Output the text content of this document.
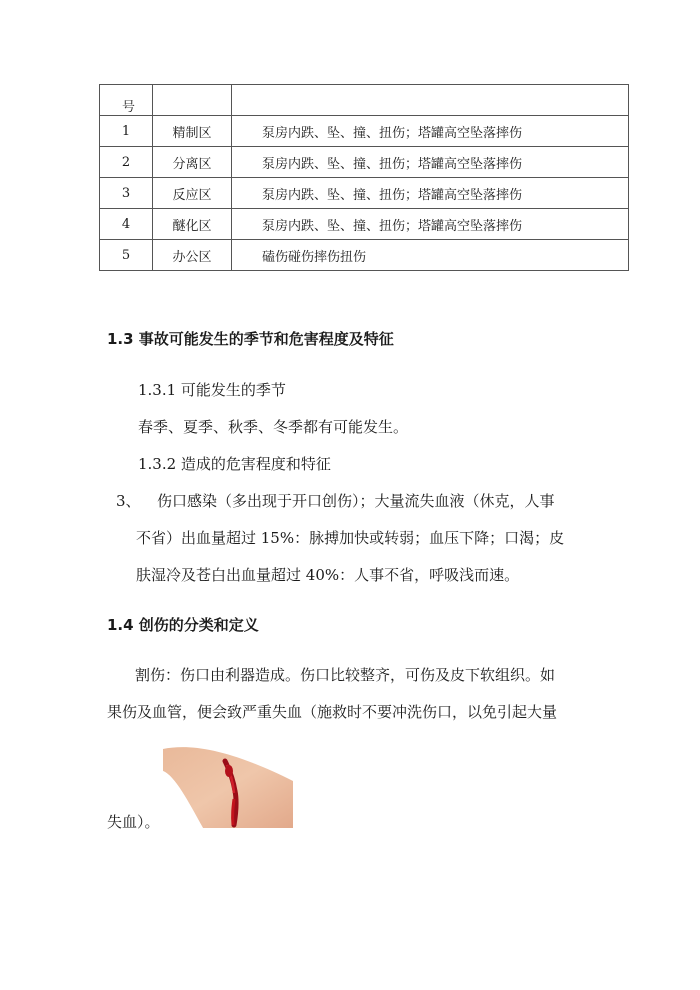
号		
1	精制区	泵房内跌、坠、撞、扭伤；塔罐高空坠落摔伤
2	分离区	泵房内跌、坠、撞、扭伤；塔罐高空坠落摔伤
3	反应区	泵房内跌、坠、撞、扭伤；塔罐高空坠落摔伤
4	醚化区	泵房内跌、坠、撞、扭伤；塔罐高空坠落摔伤
5	办公区	磕伤碰伤摔伤扭伤
1.3 事故可能发生的季节和危害程度及特征
1.3.1 可能发生的季节
春季、夏季、秋季、冬季都有可能发生。
1.3.2 造成的危害程度和特征
3、 伤口感染（多出现于开口创伤）；大量流失血液（休克，人事
不省）出血量超过 15%：脉搏加快或转弱；血压下降；口渴；皮
肤湿冷及苍白出血量超过 40%：人事不省，呼吸浅而速。
1.4 创伤的分类和定义
割伤：伤口由利器造成。伤口比较整齐，可伤及皮下软组织。如
果伤及血管，便会致严重失血（施救时不要冲洗伤口，以免引起大量
失血）。
